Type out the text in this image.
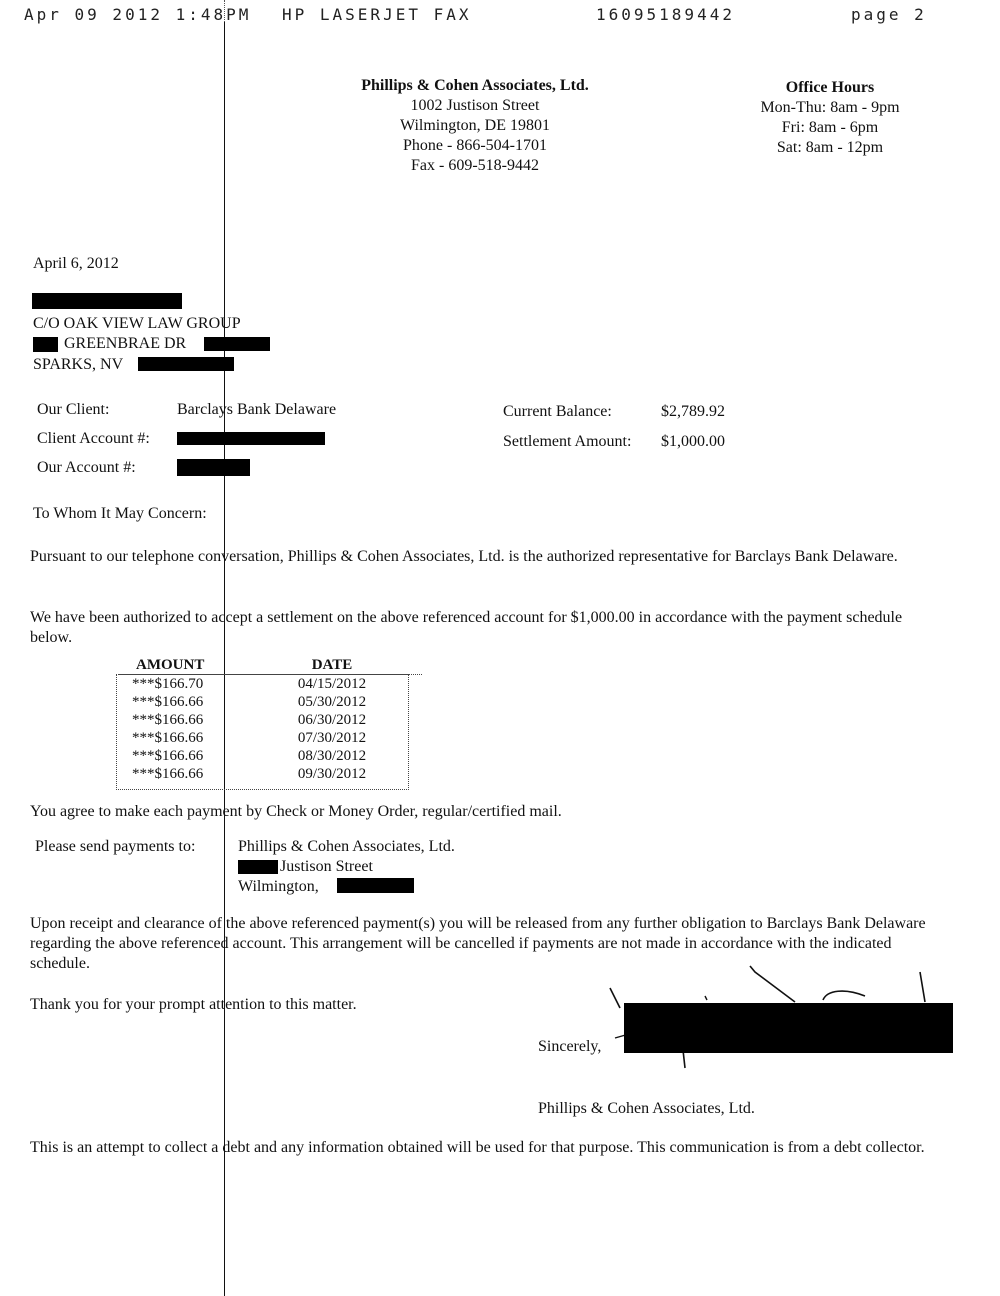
Apr 09 2012 1:48PM HP LASERJET FAX	16095189442	page 2
Phillips & Cohen Associates, Ltd.
1002 Justison Street
Wilmington, DE 19801
Phone - 866-504-1701
Fax - 609-518-9442
Office Hours
Mon-Thu: 8am - 9pm
Fri: 8am - 6pm
Sat: 8am - 12pm
April 6, 2012
C/O OAK VIEW LAW GROUP
GREENBRAE DR
SPARKS, NV
Our Client:	Barclays Bank Delaware
Client Account #:
Our Account #:
Current Balance:	$2,789.92
Settlement Amount: $1,000.00
To Whom It May Concern:
Pursuant to our telephone conversation, Phillips & Cohen Associates, Ltd. is the authorized representative for Barclays Bank Delaware.
We have been authorized to accept a settlement on the above referenced account for $1,000.00 in accordance with the payment schedule below.
AMOUNT	DATE
***$166.70	04/15/2012
***$166.66	05/30/2012
***$166.66	06/30/2012
***$166.66	07/30/2012
***$166.66	08/30/2012
***$166.66	09/30/2012
You agree to make each payment by Check or Money Order, regular/certified mail.
Please send payments to:	Phillips & Cohen Associates, Ltd.
Justison Street
Wilmington,
Upon receipt and clearance of the above referenced payment(s) you will be released from any further obligation to Barclays Bank Delaware regarding the above referenced account. This arrangement will be cancelled if payments are not made in accordance with the indicated schedule.
Thank you for your prompt attention to this matter.
Sincerely,
Phillips & Cohen Associates, Ltd.
This is an attempt to collect a debt and any information obtained will be used for that purpose. This communication is from a debt collector.
